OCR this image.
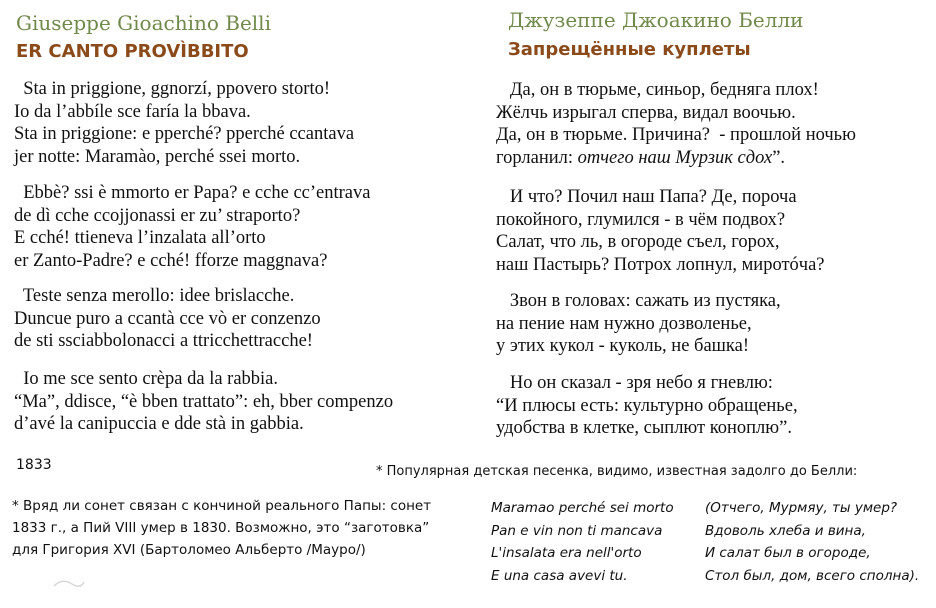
Giuseppe Gioachino Belli
ER CANTO PROVÌBBITO
Sta in priggione, ggnorzí, ppovero storto!
Io da l’abbíle sce faría la bbava.
Sta in priggione: e pperché? pperché ccantava
jer notte: Maramào, perché ssei morto.
Ebbè? ssi è mmorto er Papa? e cche cc’entrava
de dì cche ccojjonassi er zu’ straporto?
E cché! ttieneva l’inzalata all’orto
er Zanto-Padre? e cché! fforze maggnava?
Teste senza merollo: idee brislacche.
Duncue puro a ccantà cce vò er conzenzo
de sti ssciabbolonacci a ttricchettracche!
Io me sce sento crèpa da la rabbia.
“Ma”, ddisce, “è bben trattato”: eh, bber compenzo
d’avé la canipuccia e dde stà in gabbia.
1833
Джузеппе Джоакино Белли
Запрещённые куплеты
Да, он в тюрьме, синьор, бедняга плох!
Жёлчь изрыгал сперва, видал воочью.
Да, он в тюрьме. Причина?  - прошлой ночью
горланил: отчего наш Мурзик сдох”.
И что? Почил наш Папа? Де, пороча
покойного, глумился - в чём подвох?
Салат, что ль, в огороде съел, горох,
наш Пастырь? Потрох лопнул, миротóча?
Звон в головах: сажать из пустяка,
на пение нам нужно дозволенье,
у этих кукол - куколь, не башка!
Но он сказал - зря небо я гневлю:
“И плюсы есть: культурно обращенье,
удобства в клетке, сыплют коноплю”.
* Популярная детская песенка, видимо, известная задолго до Белли:
* Вряд ли сонет связан с кончиной реального Папы: сонет
1833 г., а Пий VIII умер в 1830. Возможно, это “заготовка”
для Григория XVI (Бартоломео Альберто /Мауро/)
Maramao perché sei morto
Pan e vin non ti mancava
L'insalata era nell'orto
E una casa avevi tu.
(Отчего, Мурмяу, ты умер?
Вдоволь хлеба и вина,
И салат был в огороде,
Стол был, дом, всего сполна).
